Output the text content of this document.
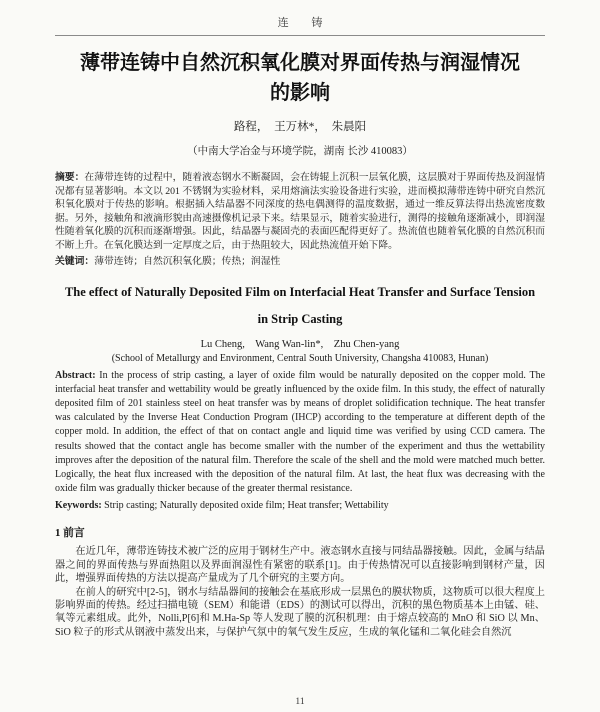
连 铸
薄带连铸中自然沉积氧化膜对界面传热与润湿情况的影响
路程，  王万林*，  朱晨阳
（中南大学冶金与环境学院，湖南 长沙 410083）

摘要：在薄带连铸的过程中，随着液态钢水不断凝固，会在铸辊上沉积一层氧化膜，这层膜对于界面传热及润湿情况都有显著影响。本文以 201 不锈钢为实验材料，采用熔滴法实验设备进行实验，进而模拟薄带连铸中研究自然沉积氧化膜对于传热的影响。根据插入结晶器不同深度的热电偶测得的温度数据，通过一维反算法得出热流密度数据。另外，接触角和液滴形貌由高速摄像机记录下来。结果显示，随着实验进行，测得的接触角逐渐减小，即润湿性随着氧化膜的沉积而逐渐增强。因此，结晶器与凝固壳的表面匹配得更好了。热流值也随着氧化膜的自然沉积而不断上升。在氧化膜达到一定厚度之后，由于热阻较大，因此热流值开始下降。

关键词：薄带连铸；自然沉积氧化膜；传热；润湿性

The effect of Naturally Deposited Film on Interfacial Heat Transfer and Surface Tension in Strip Casting
Lu Cheng,    Wang Wan-lin*,    Zhu Chen-yang
(School of Metallurgy and Environment, Central South University, Changsha 410083, Hunan)

Abstract: In the process of strip casting, a layer of oxide film would be naturally deposited on the copper mold. The interfacial heat transfer and wettability would be greatly influenced by the oxide film. In this study, the effect of naturally deposited film of 201 stainless steel on heat transfer was by means of droplet solidification technique. The heat transfer was calculated by the Inverse Heat Conduction Program (IHCP) according to the temperature at different depth of the copper mold. In addition, the effect of that on contact angle and liquid time was verified by using CCD camera. The results showed that the contact angle has become smaller with the number of the experiment and thus the wettability improves after the deposition of the natural film. Therefore the scale of the shell and the mold were matched much better. Logically, the heat flux increased with the deposition of the natural film. At last, the heat flux was decreasing with the oxide film was gradually thicker because of the greater thermal resistance.

Keywords: Strip casting; Naturally deposited oxide film; Heat transfer; Wettability

1 前言

在近几年，薄带连铸技术被广泛的应用于钢材生产中。液态钢水直接与同结晶器接触。因此，金属与结晶器之间的界面传热与界面热阻以及界面润湿性有紧密的联系[1]。由于传热情况可以直接影响到钢材产量，因此，增强界面传热的方法以提高产量成为了几个研究的主要方向。

在前人的研究中[2-5]，钢水与结晶器间的接触会在基底形成一层黑色的膜状物质，这物质可以很大程度上影响界面的传热。经过扫描电镜（SEM）和能谱（EDS）的测试可以得出，沉积的黑色物质基本上由锰、硅、氧等元素组成。此外，Nolli,P[6]和 M.Ha-Sp 等人发现了膜的沉积机理：由于熔点较高的 MnO 和 SiO 以 Mn、SiO 粒子的形式从钢液中蒸发出来，与保护气氛中的氧气发生反应，生成的氧化锰和二氧化硅会自然沉

11
